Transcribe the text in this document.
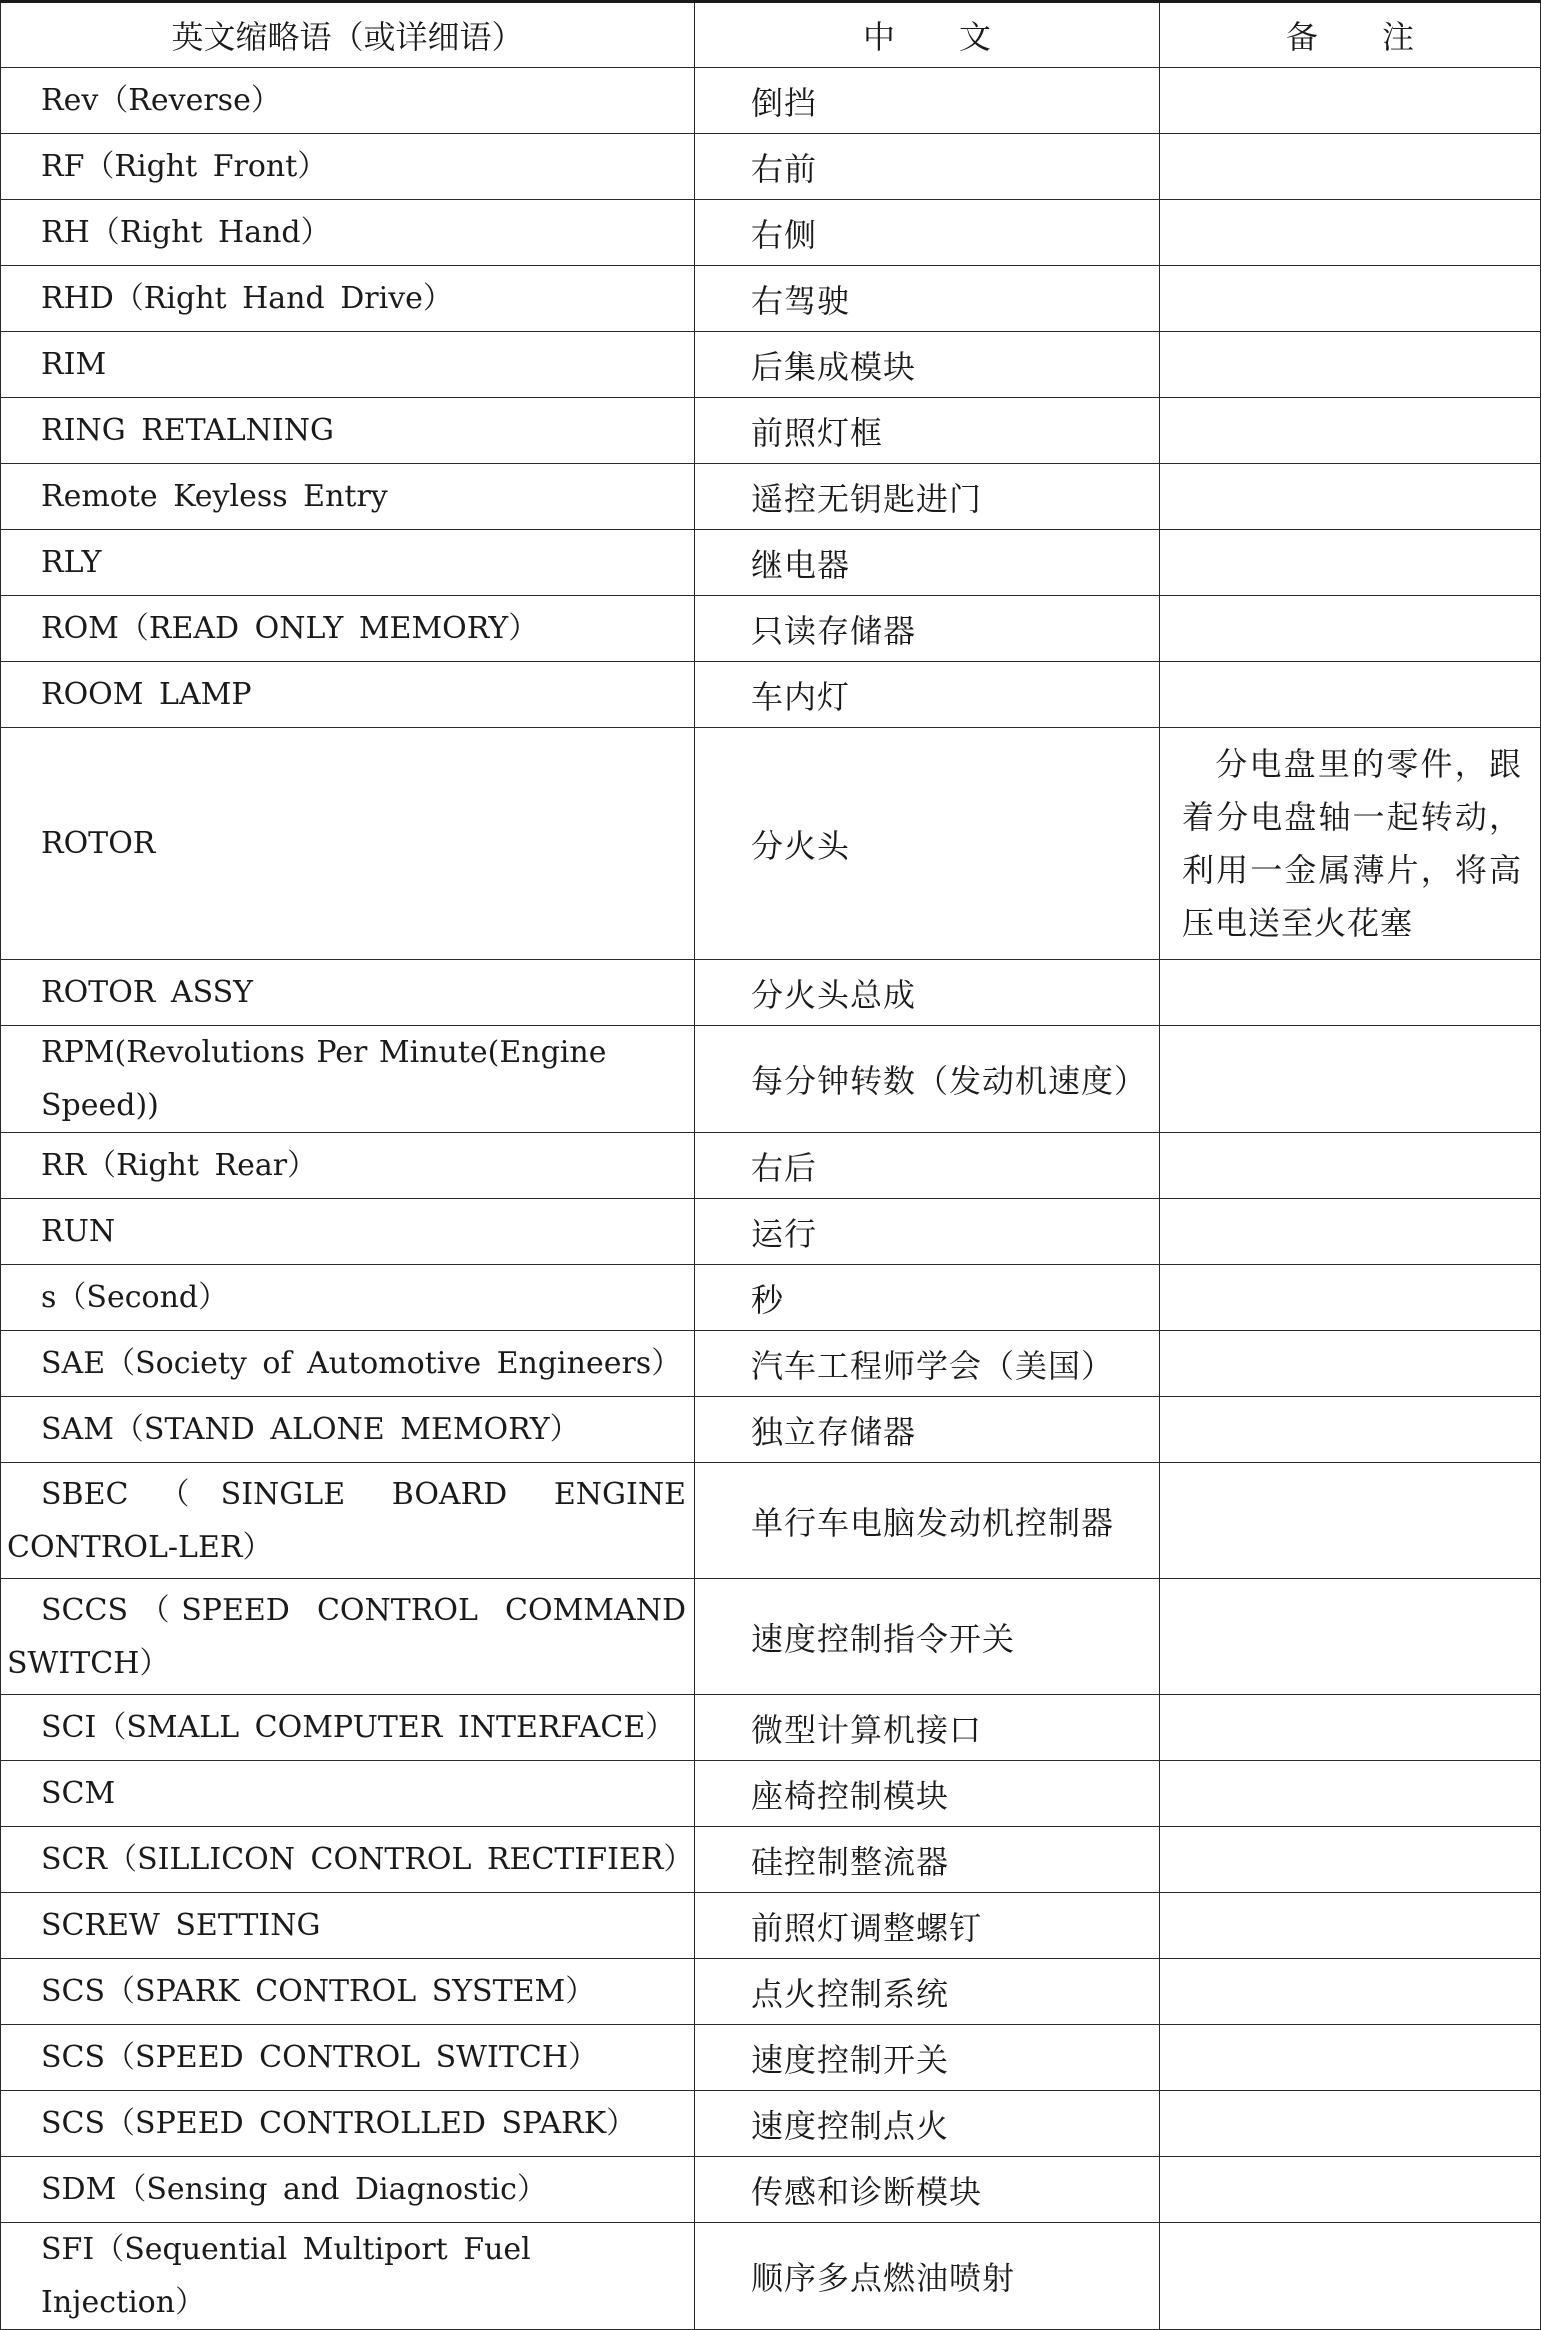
英文缩略语（或详细语）	中　　文	备　　注
Rev（Reverse）	倒挡	
RF（Right Front）	右前	
RH（Right Hand）	右侧	
RHD（Right Hand Drive）	右驾驶	
RIM	后集成模块	
RING RETALNING	前照灯框	
Remote Keyless Entry	遥控无钥匙进门	
RLY	继电器	
ROM（READ ONLY MEMORY）	只读存储器	
ROOM LAMP	车内灯	
ROTOR	分火头	分电盘里的零件，跟着分电盘轴一起转动，利用一金属薄片，将高压电送至火花塞
ROTOR ASSY	分火头总成	
RPM(Revolutions Per Minute(Engine Speed))	每分钟转数（发动机速度）	
RR（Right Rear）	右后	
RUN	运行	
s（Second）	秒	
SAE（Society of Automotive Engineers）	汽车工程师学会（美国）	
SAM（STAND ALONE MEMORY）	独立存储器	
SBEC（SINGLE BOARD ENGINE CONTROL-LER）	单行车电脑发动机控制器	
SCCS（SPEED CONTROL COMMAND SWITCH）	速度控制指令开关	
SCI（SMALL COMPUTER INTERFACE）	微型计算机接口	
SCM	座椅控制模块	
SCR（SILLICON CONTROL RECTIFIER）	硅控制整流器	
SCREW SETTING	前照灯调整螺钉	
SCS（SPARK CONTROL SYSTEM）	点火控制系统	
SCS（SPEED CONTROL SWITCH）	速度控制开关	
SCS（SPEED CONTROLLED SPARK）	速度控制点火	
SDM（Sensing and Diagnostic）	传感和诊断模块	
SFI（Sequential Multiport Fuel Injection）	顺序多点燃油喷射	
